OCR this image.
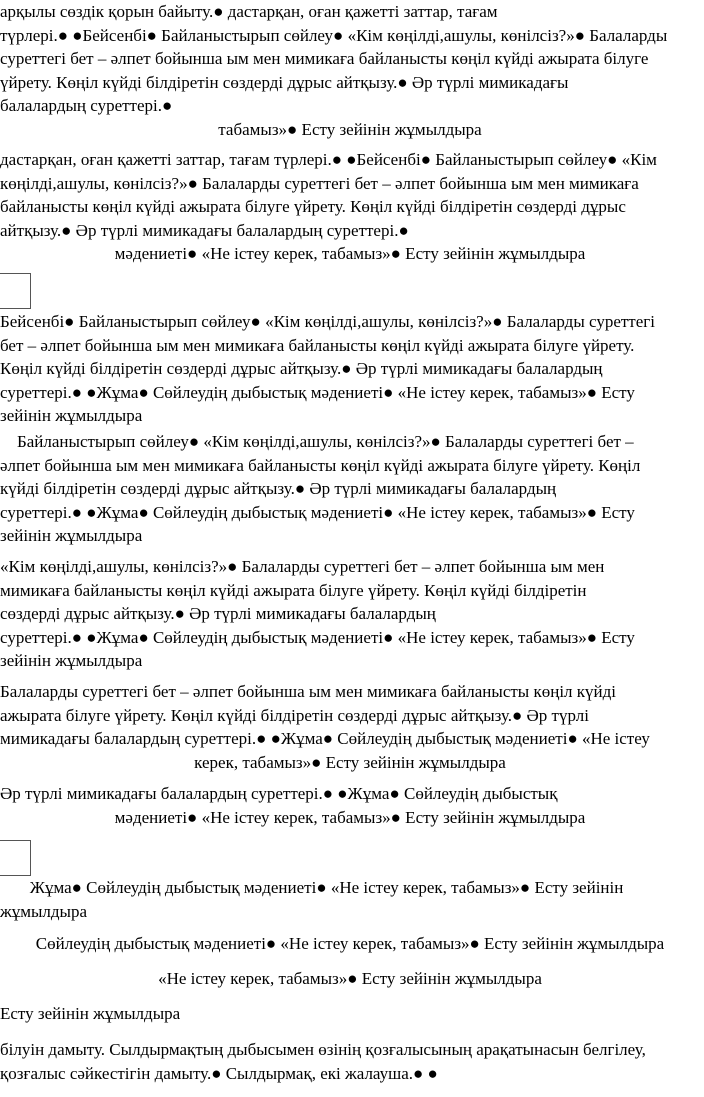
арқылы сөздік қорын байыту.● дастарқан, оған қажетті заттар, тағам
түрлері.● ●Бейсенбі● Байланыстырып сөйлеу● «Кім көңілді,ашулы, көнілсіз?»● Балаларды
суреттегі бет – әлпет бойынша ым мен мимикаға байланысты көңіл күйді ажырата білуге
үйрету. Көңіл күйді білдіретін сөздерді дұрыс айтқызу.● Әр түрлі мимикадағы
балалардың суреттері.●
табамыз»● Есту зейінін жұмылдыра
дастарқан, оған қажетті заттар, тағам түрлері.● ●Бейсенбі● Байланыстырып сөйлеу● «Кім
көңілді,ашулы, көнілсіз?»● Балаларды суреттегі бет – әлпет бойынша ым мен мимикаға
байланысты көңіл күйді ажырата білуге үйрету. Көңіл күйді білдіретін сөздерді дұрыс
айтқызу.● Әр түрлі мимикадағы балалардың суреттері.●
мәдениеті● «Не істеу керек, табамыз»● Есту зейінін жұмылдыра
Бейсенбі● Байланыстырып сөйлеу● «Кім көңілді,ашулы, көнілсіз?»● Балаларды суреттегі
бет – әлпет бойынша ым мен мимикаға байланысты көңіл күйді ажырата білуге үйрету.
Көңіл күйді білдіретін сөздерді дұрыс айтқызу.● Әр түрлі мимикадағы балалардың
суреттері.● ●Жұма● Сөйлеудің дыбыстық мәдениеті● «Не істеу керек, табамыз»● Есту
зейінін жұмылдыра
Байланыстырып сөйлеу● «Кім көңілді,ашулы, көнілсіз?»● Балаларды суреттегі бет –
әлпет бойынша ым мен мимикаға байланысты көңіл күйді ажырата білуге үйрету. Көңіл
күйді білдіретін сөздерді дұрыс айтқызу.● Әр түрлі мимикадағы балалардың
суреттері.● ●Жұма● Сөйлеудің дыбыстық мәдениеті● «Не істеу керек, табамыз»● Есту
зейінін жұмылдыра
«Кім көңілді,ашулы, көнілсіз?»● Балаларды суреттегі бет – әлпет бойынша ым мен
мимикаға байланысты көңіл күйді ажырата білуге үйрету. Көңіл күйді білдіретін
сөздерді дұрыс айтқызу.● Әр түрлі мимикадағы балалардың
суреттері.● ●Жұма● Сөйлеудің дыбыстық мәдениеті● «Не істеу керек, табамыз»● Есту
зейінін жұмылдыра
Балаларды суреттегі бет – әлпет бойынша ым мен мимикаға байланысты көңіл күйді
ажырата білуге үйрету. Көңіл күйді білдіретін сөздерді дұрыс айтқызу.● Әр түрлі
мимикадағы балалардың суреттері.● ●Жұма● Сөйлеудің дыбыстық мәдениеті● «Не істеу
керек, табамыз»● Есту зейінін жұмылдыра
Әр түрлі мимикадағы балалардың суреттері.● ●Жұма● Сөйлеудің дыбыстық
мәдениеті● «Не істеу керек, табамыз»● Есту зейінін жұмылдыра
Жұма● Сөйлеудің дыбыстық мәдениеті● «Не істеу керек, табамыз»● Есту зейінін
жұмылдыра
Сөйлеудің дыбыстық мәдениеті● «Не істеу керек, табамыз»● Есту зейінін жұмылдыра
«Не істеу керек, табамыз»● Есту зейінін жұмылдыра
Есту зейінін жұмылдыра
білуін дамыту. Сылдырмақтың дыбысымен өзінің қозғалысының арақатынасын белгілеу,
қозғалыс сәйкестігін дамыту.● Сылдырмақ, екі жалауша.● ●
